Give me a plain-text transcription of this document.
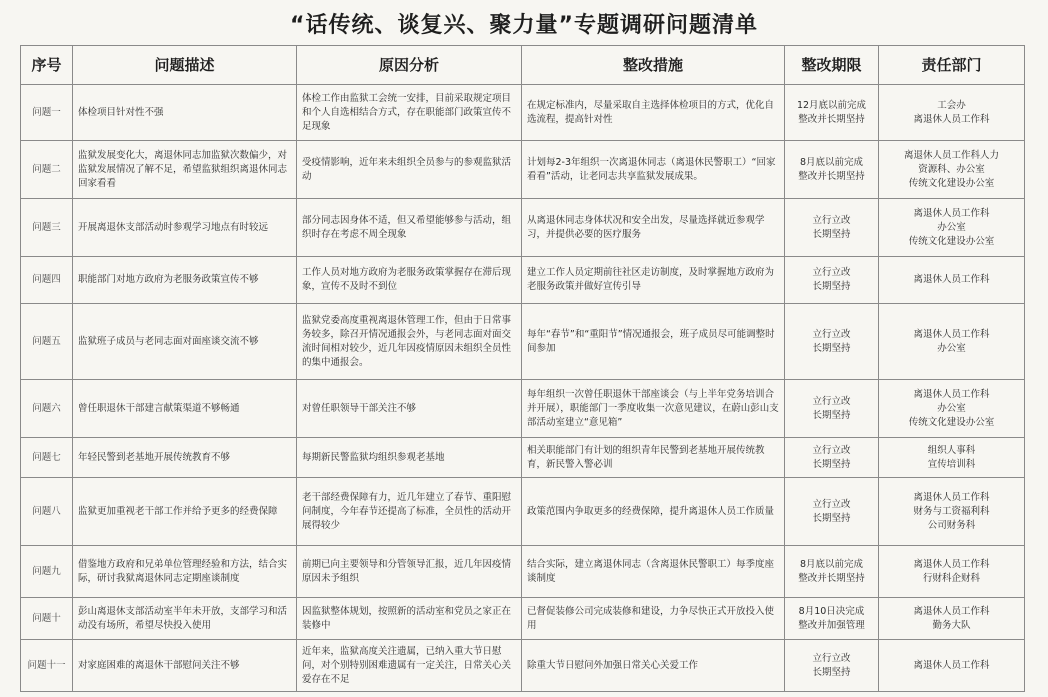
“话传统、谈复兴、聚力量”专题调研问题清单
序号	问题描述	原因分析	整改措施	整改期限	责任部门
问题一	体检项目针对性不强	体检工作由监狱工会统一安排，目前采取规定项目和个人自选相结合方式，存在职能部门政策宣传不足现象	在规定标准内，尽量采取自主选择体检项目的方式，优化自选流程，提高针对性	12月底以前完成
整改并长期坚持	工会办
离退休人员工作科

问题二	监狱发展变化大，离退休同志加监狱次数偏少，对监狱发展情况了解不足，希望监狱组织离退休同志回家看看	受疫情影响，近年来未组织全员参与的参观监狱活动	计划每2-3年组织一次离退休同志（离退休民警职工）“回家看看”活动，让老同志共享监狱发展成果。	8月底以前完成
整改并长期坚持	离退休人员工作科人力
资源科、办公室
传统文化建设办公室

问题三	开展离退休支部活动时参观学习地点有时较远	部分同志因身体不适，但又希望能够参与活动，组织时存在考虑不周全现象	从离退休同志身体状况和安全出发，尽量选择就近参观学习，并提供必要的医疗服务	立行立改
长期坚持	离退休人员工作科
办公室
传统文化建设办公室

问题四	职能部门对地方政府为老服务政策宣传不够	工作人员对地方政府为老服务政策掌握存在滞后现象，宣传不及时不到位	建立工作人员定期前往社区走访制度，及时掌握地方政府为老服务政策并做好宣传引导	立行立改
长期坚持	离退休人员工作科

问题五	监狱班子成员与老同志面对面座谈交流不够	监狱党委高度重视离退休管理工作，但由于日常事务较多，除召开情况通报会外，与老同志面对面交流时间相对较少，近几年因疫情原因未组织全员性的集中通报会。	每年“春节”和“重阳节”情况通报会，班子成员尽可能调整时间参加	立行立改
长期坚持	离退休人员工作科
办公室

问题六	曾任职退休干部建言献策渠道不够畅通	对曾任职领导干部关注不够	每年组织一次曾任职退休干部座谈会（与上半年党务培训合并开展），职能部门一季度收集一次意见建议，在蔚山彭山支部活动室建立“意见箱”	立行立改
长期坚持	离退休人员工作科
办公室
传统文化建设办公室

问题七	年轻民警到老基地开展传统教育不够	每期新民警监狱均组织参观老基地	相关职能部门有计划的组织青年民警到老基地开展传统教育，新民警入警必训	立行立改
长期坚持	组织人事科
宣传培训科

问题八	监狱更加重视老干部工作并给予更多的经费保障	老干部经费保障有力，近几年建立了春节、重阳慰问制度，今年春节还提高了标准，全员性的活动开展得较少	政策范围内争取更多的经费保障，提升离退休人员工作质量	立行立改
长期坚持	离退休人员工作科
财务与工资福利科
公司财务科

问题九	借鉴地方政府和兄弟单位管理经验和方法，结合实际，研讨我狱离退休同志定期座谈制度	前期已向主要领导和分管领导汇报，近几年因疫情原因未予组织	结合实际，建立离退休同志（含离退休民警职工）每季度座谈制度	8月底以前完成
整改并长期坚持	离退休人员工作科
行财科企财科

问题十	彭山离退休支部活动室半年未开放，支部学习和活动没有场所，希望尽快投入使用	因监狱整体规划，按照新的活动室和党员之家正在装修中	已督促装修公司完成装修和建设，力争尽快正式开放投入使用	8月10日决完成
整改并加强管理	离退休人员工作科
勤务大队

问题十一	对家庭困难的离退休干部慰问关注不够	近年来，监狱高度关注遗属，已纳入重大节日慰问，对个别特别困难遗属有一定关注，日常关心关爱存在不足	除重大节日慰问外加强日常关心关爱工作	立行立改
长期坚持	离退休人员工作科
